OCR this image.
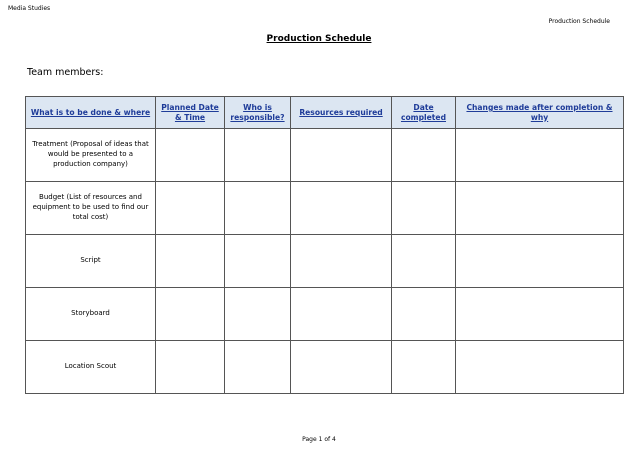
Media Studies
Production Schedule
Production Schedule
Team members:
What is to be done & where	Planned Date & Time	Who is responsible?	Resources required	Date completed	Changes made after completion & why
Treatment (Proposal of ideas that would be presented to a production company)					
Budget (List of resources and equipment to be used to find our total cost)					
Script					
Storyboard					
Location Scout					
Page 1 of 4
